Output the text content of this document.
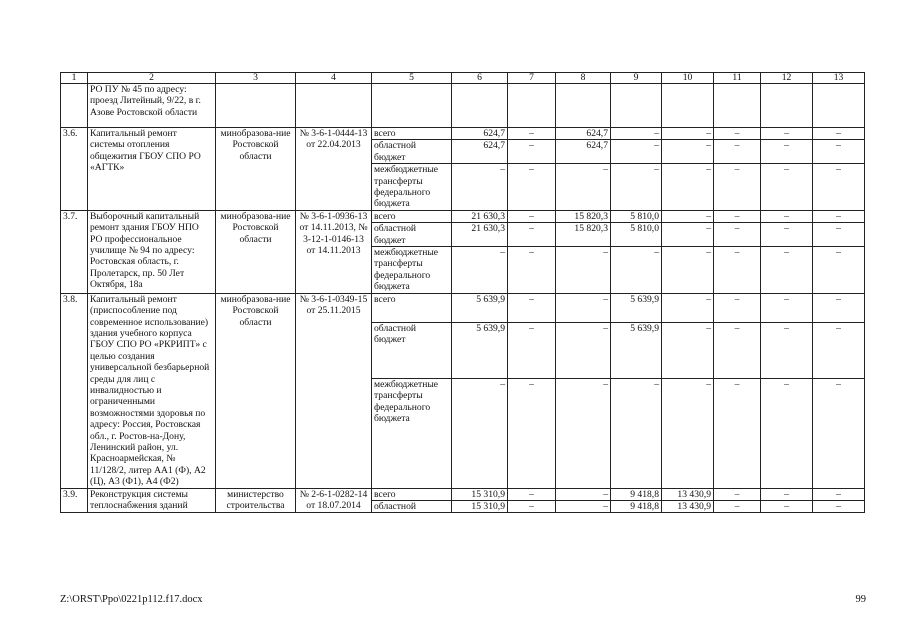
1	2	3	4	5	6	7	8	9	10	11	12	13
	РО ПУ № 45 по адресу: проезд Литейный, 9/22, в г. Азове Ростовской области											
3.6.	Капитальный ремонт системы отопления общежития ГБОУ СПО РО «АГТК»	минобразова-ние Ростовской области	№ 3-6-1-0444-13 от 22.04.2013	всего	624,7	–	624,7	–	–	–	–	–
				областной бюджет	624,7	–	624,7	–	–	–	–	–
				межбюджетные трансферты федерального бюджета	–	–	–	–	–	–	–	–
3.7.	Выборочный капитальный ремонт здания ГБОУ НПО РО профессиональное училище № 94 по адресу: Ростовская область, г. Пролетарск, пр. 50 Лет Октября, 18а	минобразова-ние Ростовской области	№ 3-6-1-0936-13 от 14.11.2013, № 3-12-1-0146-13 от 14.11.2013	всего	21 630,3	–	15 820,3	5 810,0	–	–	–	–
				областной бюджет	21 630,3	–	15 820,3	5 810,0	–	–	–	–
				межбюджетные трансферты федерального бюджета	–	–	–	–	–	–	–	–
3.8.	Капитальный ремонт (приспособление под современное использование) здания учебного корпуса ГБОУ СПО РО «РКРИПТ» с целью создания универсальной безбарьерной среды для лиц с инвалидностью и ограниченными возможностями здоровья по адресу: Россия, Ростовская обл., г. Ростов-на-Дону, Ленинский район, ул. Красноармейская, № 11/128/2, литер АА1 (Ф), А2 (Ц), А3 (Ф1), А4 (Ф2)	минобразова-ние Ростовской области	№ 3-6-1-0349-15 от 25.11.2015	всего	5 639,9	–	–	5 639,9	–	–	–	–
				областной бюджет	5 639,9	–	–	5 639,9	–	–	–	–
				межбюджетные трансферты федерального бюджета	–	–	–	–	–	–	–	–
3.9.	Реконструкция системы теплоснабжения зданий	министерство строительства	№ 2-6-1-0282-14 от 18.07.2014	всего	15 310,9	–	–	9 418,8	13 430,9	–	–	–
				областной	15 310,9	–	–	9 418,8	13 430,9	–	–	–
Z:\ORST\Ppo\0221p112.f17.docx	99
